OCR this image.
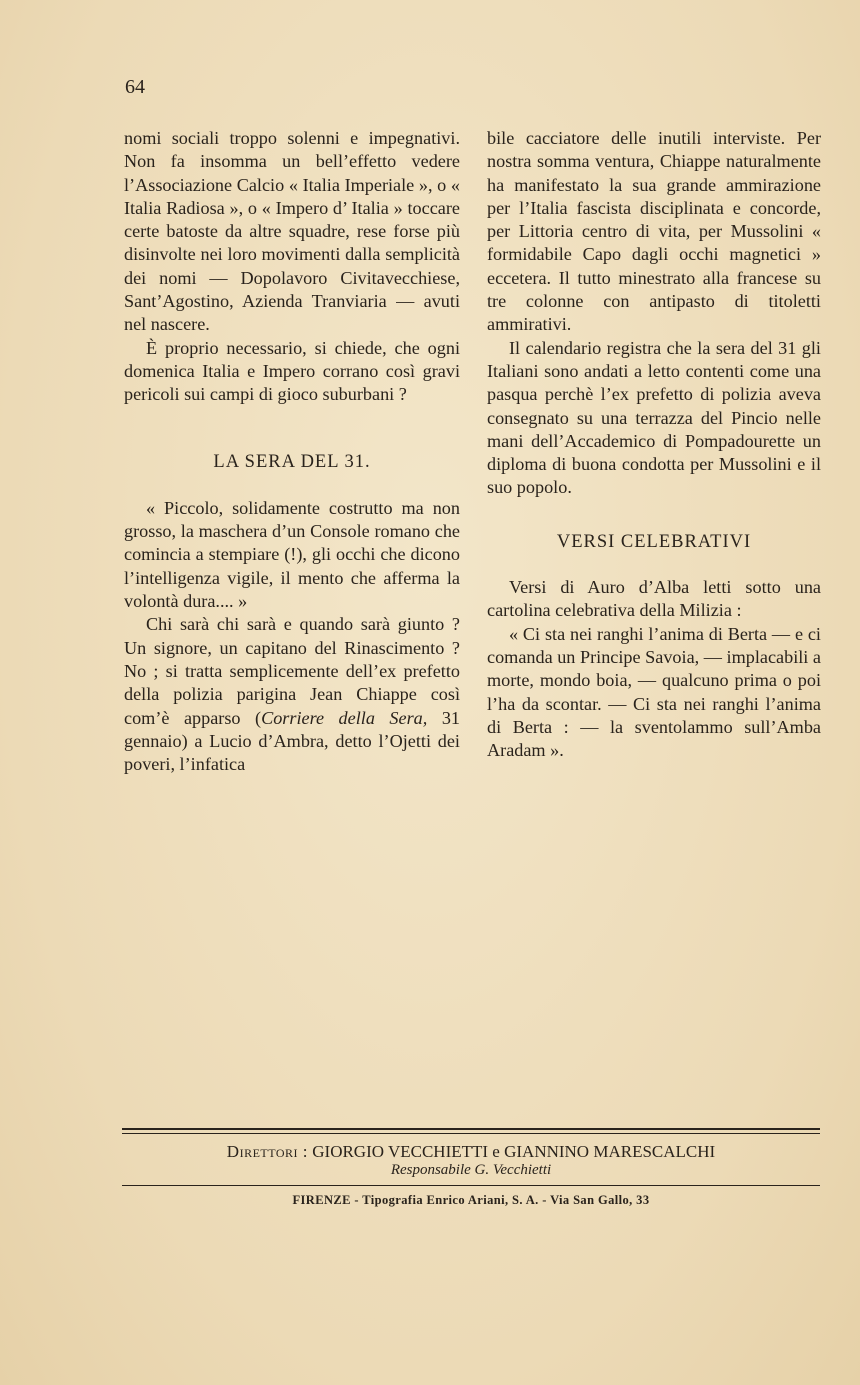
64

nomi sociali troppo solenni e impegnativi. Non fa insomma un bell’effetto vedere l’Associazione Calcio « Italia Imperiale », o « Italia Radiosa », o « Impero d’ Italia » toccare certe batoste da altre squadre, rese forse più disinvolte nei loro movimenti dalla semplicità dei nomi — Dopolavoro Civitavecchiese, Sant’Agostino, Azienda Tranviaria — avuti nel nascere.

È proprio necessario, si chiede, che ogni domenica Italia e Impero corrano così gravi pericoli sui campi di gioco suburbani ?

LA SERA DEL 31.

« Piccolo, solidamente costrutto ma non grosso, la maschera d’un Console romano che comincia a stempiare (!), gli occhi che dicono l’intelligenza vigile, il mento che afferma la volontà dura.... »

Chi sarà chi sarà e quando sarà giunto ? Un signore, un capitano del Rinascimento ? No ; si tratta semplicemente dell’ex prefetto della polizia parigina Jean Chiappe così com’è apparso (Corriere della Sera, 31 gennaio) a Lucio d’Ambra, detto l’Ojetti dei poveri, l’infatica

bile cacciatore delle inutili interviste. Per nostra somma ventura, Chiappe naturalmente ha manifestato la sua grande ammirazione per l’Italia fascista disciplinata e concorde, per Littoria centro di vita, per Mussolini « formidabile Capo dagli occhi magnetici » eccetera. Il tutto minestrato alla francese su tre colonne con antipasto di titoletti ammirativi.

Il calendario registra che la sera del 31 gli Italiani sono andati a letto contenti come una pasqua perchè l’ex prefetto di polizia aveva consegnato su una terrazza del Pincio nelle mani dell’Accademico di Pompadourette un diploma di buona condotta per Mussolini e il suo popolo.

VERSI CELEBRATIVI

Versi di Auro d’Alba letti sotto una cartolina celebrativa della Milizia :

« Ci sta nei ranghi l’anima di Berta — e ci comanda un Principe Savoia, — implacabili a morte, mondo boia, — qualcuno prima o poi l’ha da scontar. — Ci sta nei ranghi l’anima di Berta : — la sventolammo sull’Amba Aradam ».

Direttori : GIORGIO VECCHIETTI e GIANNINO MARESCALCHI
Responsabile G. Vecchietti
FIRENZE - Tipografia Enrico Ariani, S. A. - Via San Gallo, 33
